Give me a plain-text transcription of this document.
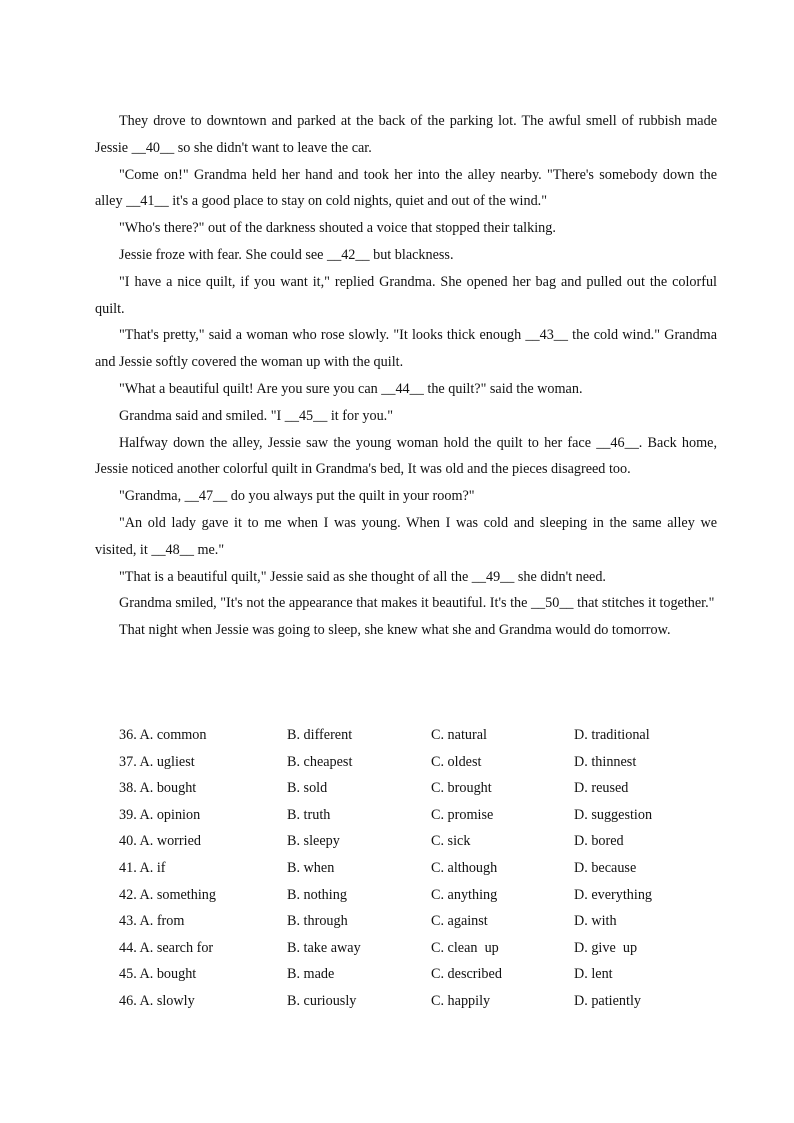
They drove to downtown and parked at the back of the parking lot. The awful smell of rubbish made Jessie __40__ so she didn't want to leave the car.

"Come on!" Grandma held her hand and took her into the alley nearby. "There's somebody down the alley __41__ it's a good place to stay on cold nights, quiet and out of the wind."

"Who's there?" out of the darkness shouted a voice that stopped their talking.

Jessie froze with fear. She could see __42__ but blackness.

"I have a nice quilt, if you want it," replied Grandma. She opened her bag and pulled out the colorful quilt.

"That's pretty," said a woman who rose slowly. "It looks thick enough __43__ the cold wind." Grandma and Jessie softly covered the woman up with the quilt.

"What a beautiful quilt! Are you sure you can __44__ the quilt?" said the woman.

Grandma said and smiled. "I __45__ it for you."

Halfway down the alley, Jessie saw the young woman hold the quilt to her face __46__. Back home, Jessie noticed another colorful quilt in Grandma's bed, It was old and the pieces disagreed too.

"Grandma, __47__ do you always put the quilt in your room?"

"An old lady gave it to me when I was young. When I was cold and sleeping in the same alley we visited, it __48__ me."

"That is a beautiful quilt," Jessie said as she thought of all the __49__ she didn't need.

Grandma smiled, "It's not the appearance that makes it beautiful. It's the __50__ that stitches it together."

That night when Jessie was going to sleep, she knew what she and Grandma would do tomorrow.

36. A. common	B. different	C. natural	D. traditional
37. A. ugliest	B. cheapest	C. oldest	D. thinnest
38. A. bought	B. sold	C. brought	D. reused
39. A. opinion	B. truth	C. promise	D. suggestion
40. A. worried	B. sleepy	C. sick	D. bored
41. A. if	B. when	C. although	D. because
42. A. something	B. nothing	C. anything	D. everything
43. A. from	B. through	C. against	D. with
44. A. search for	B. take away	C. clean  up	D. give  up
45. A. bought	B. made	C. described	D. lent
46. A. slowly	B. curiously	C. happily	D. patiently
